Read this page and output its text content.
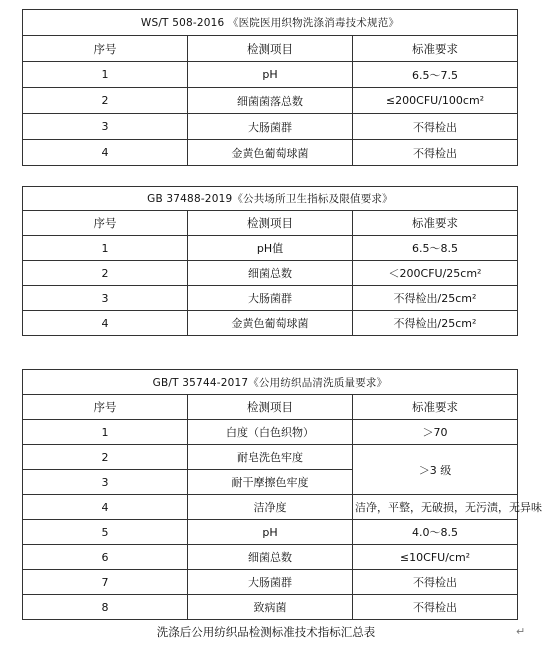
WS/T 508-2016 《医院医用织物洗涤消毒技术规范》		
序号	检测项目	标准要求
1	pH	6.5～7.5
2	细菌菌落总数	≤200CFU/100cm²
3	大肠菌群	不得检出
4	金黄色葡萄球菌	不得检出
GB 37488-2019《公共场所卫生指标及限值要求》		
序号	检测项目	标准要求
1	pH值	6.5～8.5
2	细菌总数	＜200CFU/25cm²
3	大肠菌群	不得检出/25cm²
4	金黄色葡萄球菌	不得检出/25cm²
GB/T 35744-2017《公用纺织品清洗质量要求》		
序号	检测项目	标准要求
1	白度（白色织物）	＞70
2	耐皂洗色牢度	＞3 级
3	耐干摩擦色牢度	
4	洁净度	洁净，平整，无破损，无污渍，无异味
5	pH	4.0～8.5
6	细菌总数	≤10CFU/cm²
7	大肠菌群	不得检出
8	致病菌	不得检出
洗涤后公用纺织品检测标准技术指标汇总表	↵
